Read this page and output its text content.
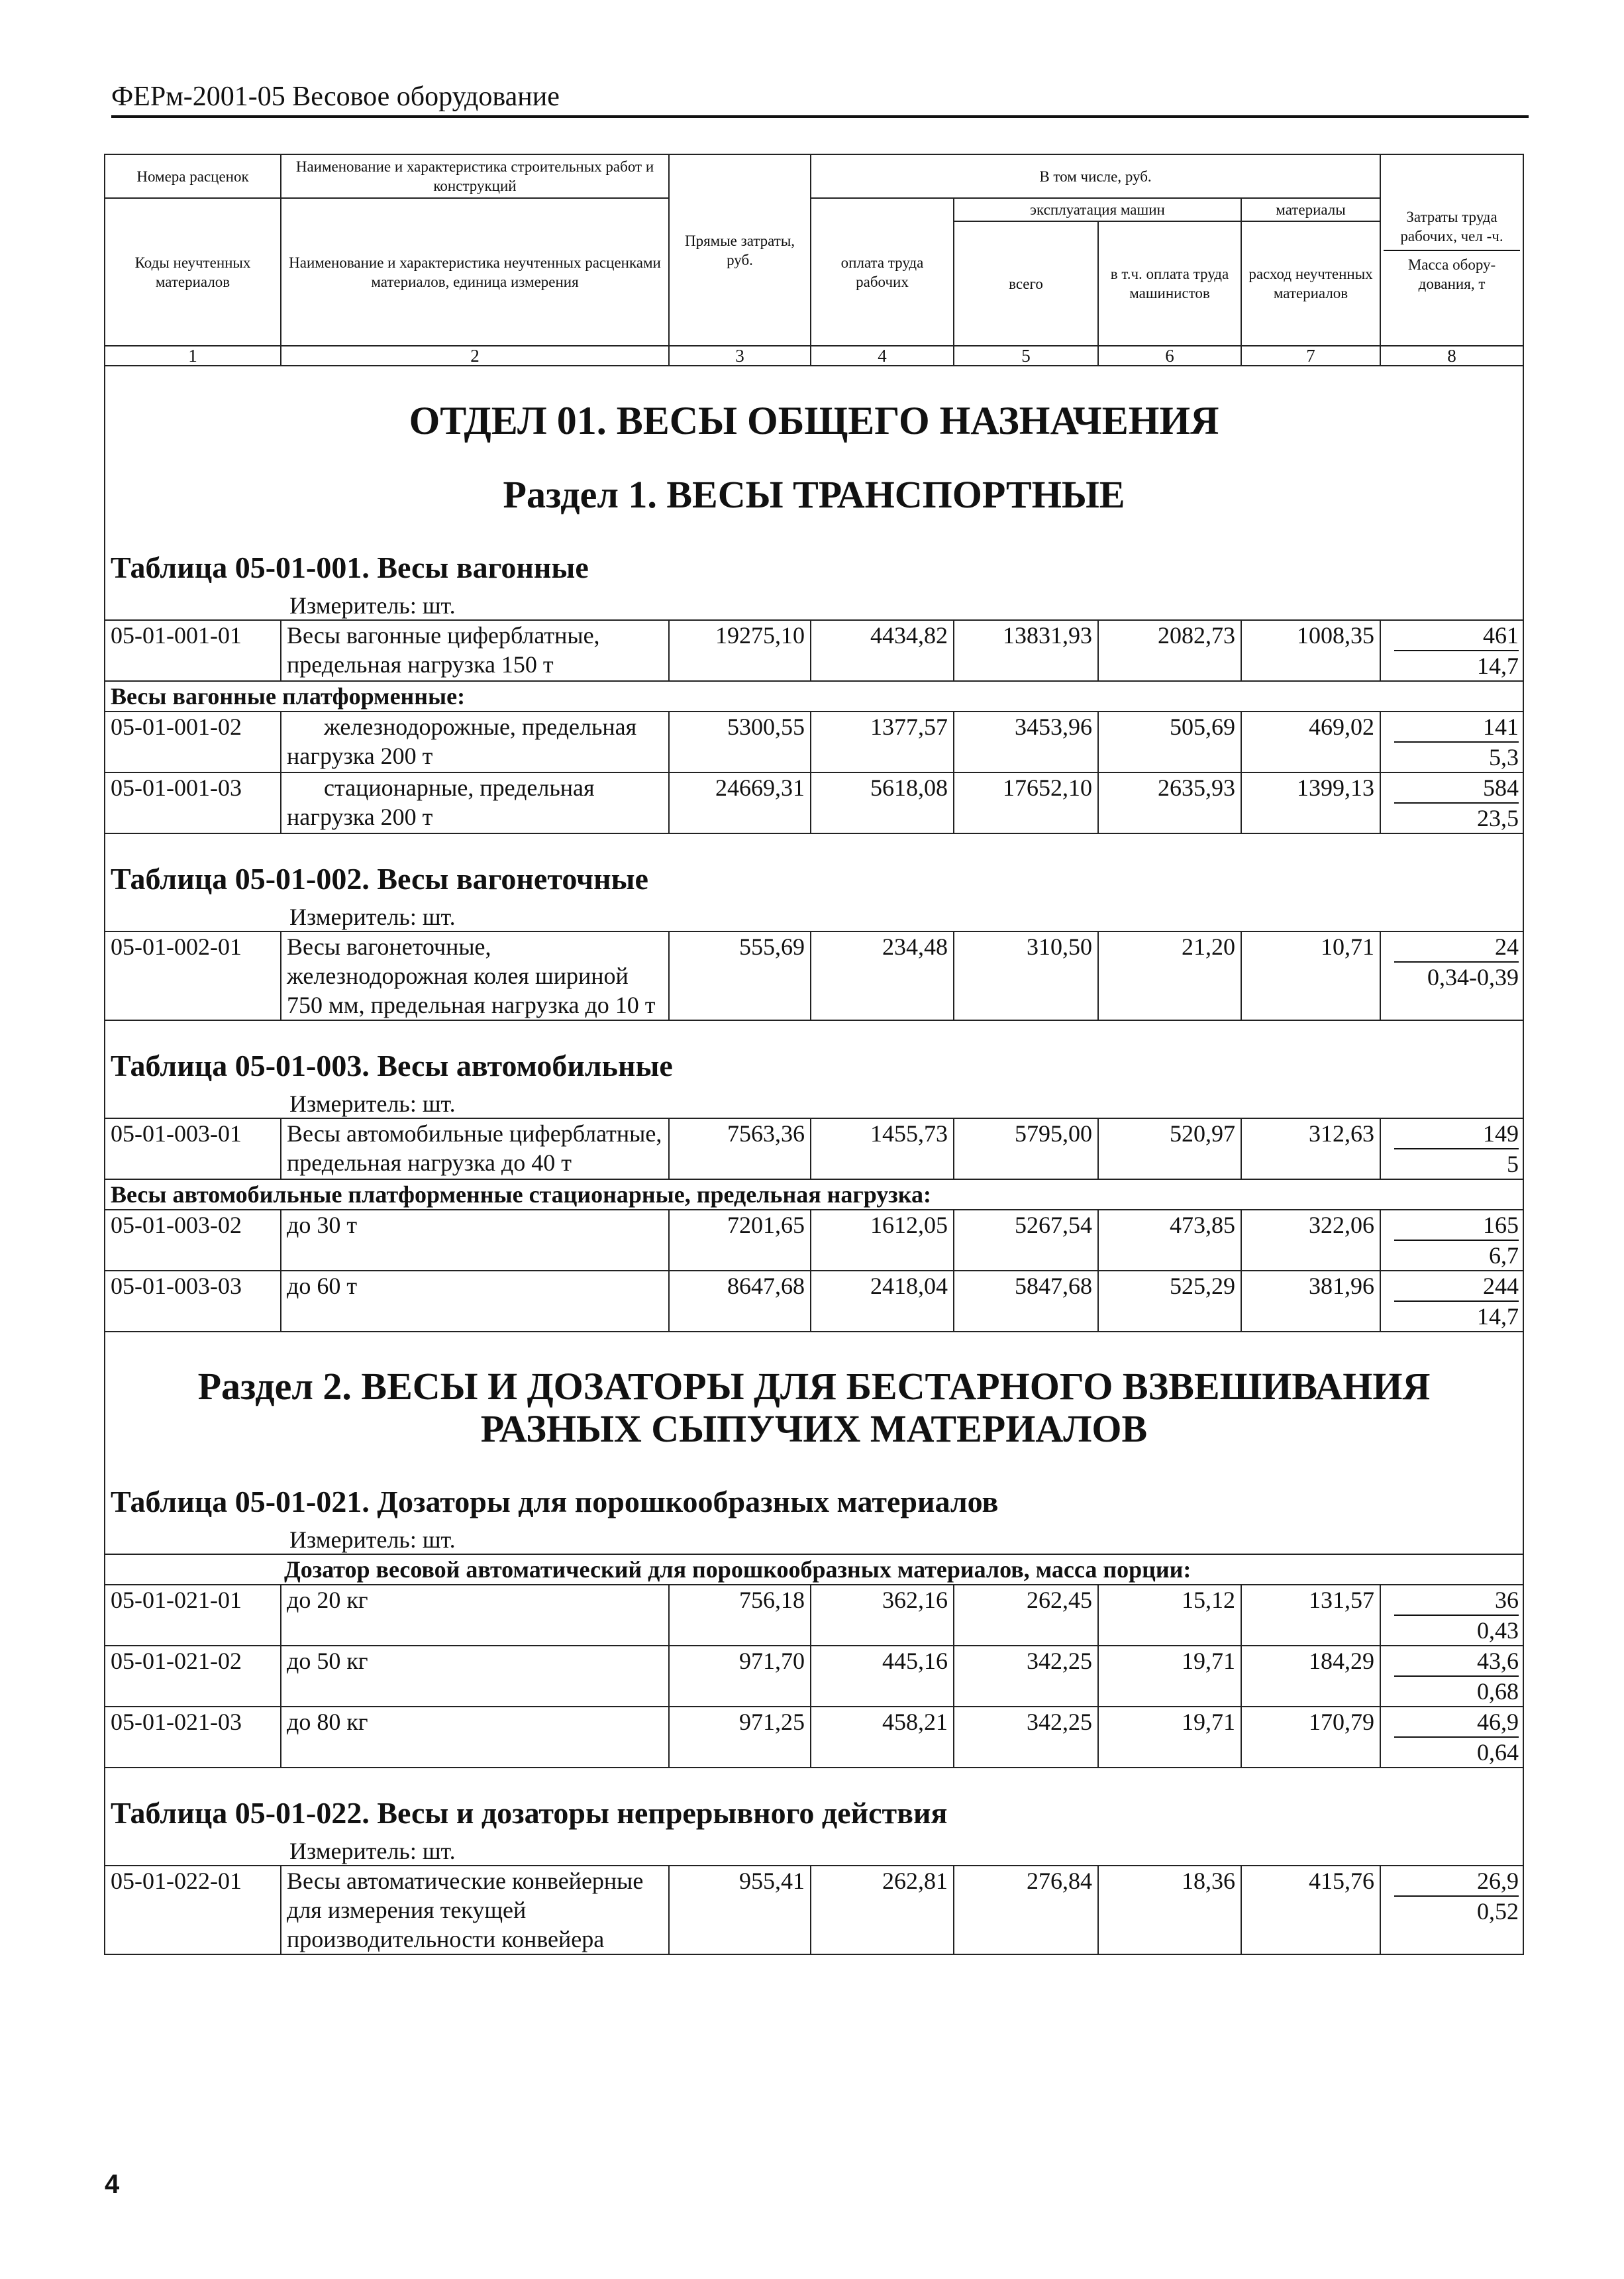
ФЕРм-2001-05 Весовое оборудование
Номера расценок	Наименование и характеристика строительных работ и конструкций	Прямые затраты, руб.	В том числе, руб.				Затраты труда рабочих, чел -ч.
Масса обору-дования, т

Коды неучтенных материалов	Наименование и характеристика неучтенных расценками материалов, единица измерения		оплата труда рабочих	эксплуатация машин		материалы	
				всего	в т.ч. оплата труда машинистов	расход неучтенных материалов	
1	2	3	4	5	6	7	8

ОТДЕЛ 01. ВЕСЫ ОБЩЕГО НАЗНАЧЕНИЯ
Раздел 1. ВЕСЫ ТРАНСПОРТНЫЕ
Таблица 05-01-001. Весы вагонные
Измеритель: шт.							

05-01-001-01	Весы вагонные циферблатные, предельная нагрузка 150 т	19275,10	4434,82	13831,93	2082,73	1008,35	461
14,7

Весы вагонные платформенные:							
05-01-001-02	железнодорожные, предельная нагрузка 200 т	5300,55	1377,57	3453,96	505,69	469,02	141
5,3

05-01-001-03	стационарные, предельная нагрузка 200 т	24669,31	5618,08	17652,10	2635,93	1399,13	584
23,5

Таблица 05-01-002. Весы вагонеточные
Измеритель: шт.							

05-01-002-01	Весы вагонеточные, железнодорожная колея шириной 750 мм, предельная нагрузка до 10 т	555,69	234,48	310,50	21,20	10,71	24
0,34-0,39

Таблица 05-01-003. Весы автомобильные
Измеритель: шт.							

05-01-003-01	Весы автомобильные циферблатные, предельная нагрузка до 40 т	7563,36	1455,73	5795,00	520,97	312,63	149
5

Весы автомобильные платформенные стационарные, предельная нагрузка:							
05-01-003-02	до 30 т	7201,65	1612,05	5267,54	473,85	322,06	165
6,7

05-01-003-03	до 60 т	8647,68	2418,04	5847,68	525,29	381,96	244
14,7

Раздел 2. ВЕСЫ И ДОЗАТОРЫ ДЛЯ БЕСТАРНОГО ВЗВЕШИВАНИЯ
РАЗНЫХ СЫПУЧИХ МАТЕРИАЛОВ
Таблица 05-01-021. Дозаторы для порошкообразных материалов
Измеритель: шт.							

Дозатор весовой автоматический для порошкообразных материалов, масса порции:							
05-01-021-01	до 20 кг	756,18	362,16	262,45	15,12	131,57	36
0,43

05-01-021-02	до 50 кг	971,70	445,16	342,25	19,71	184,29	43,6
0,68

05-01-021-03	до 80 кг	971,25	458,21	342,25	19,71	170,79	46,9
0,64

Таблица 05-01-022. Весы и дозаторы непрерывного действия
Измеритель: шт.							

05-01-022-01	Весы автоматические конвейерные для измерения текущей производительности конвейера	955,41	262,81	276,84	18,36	415,76	26,9
0,52
4
